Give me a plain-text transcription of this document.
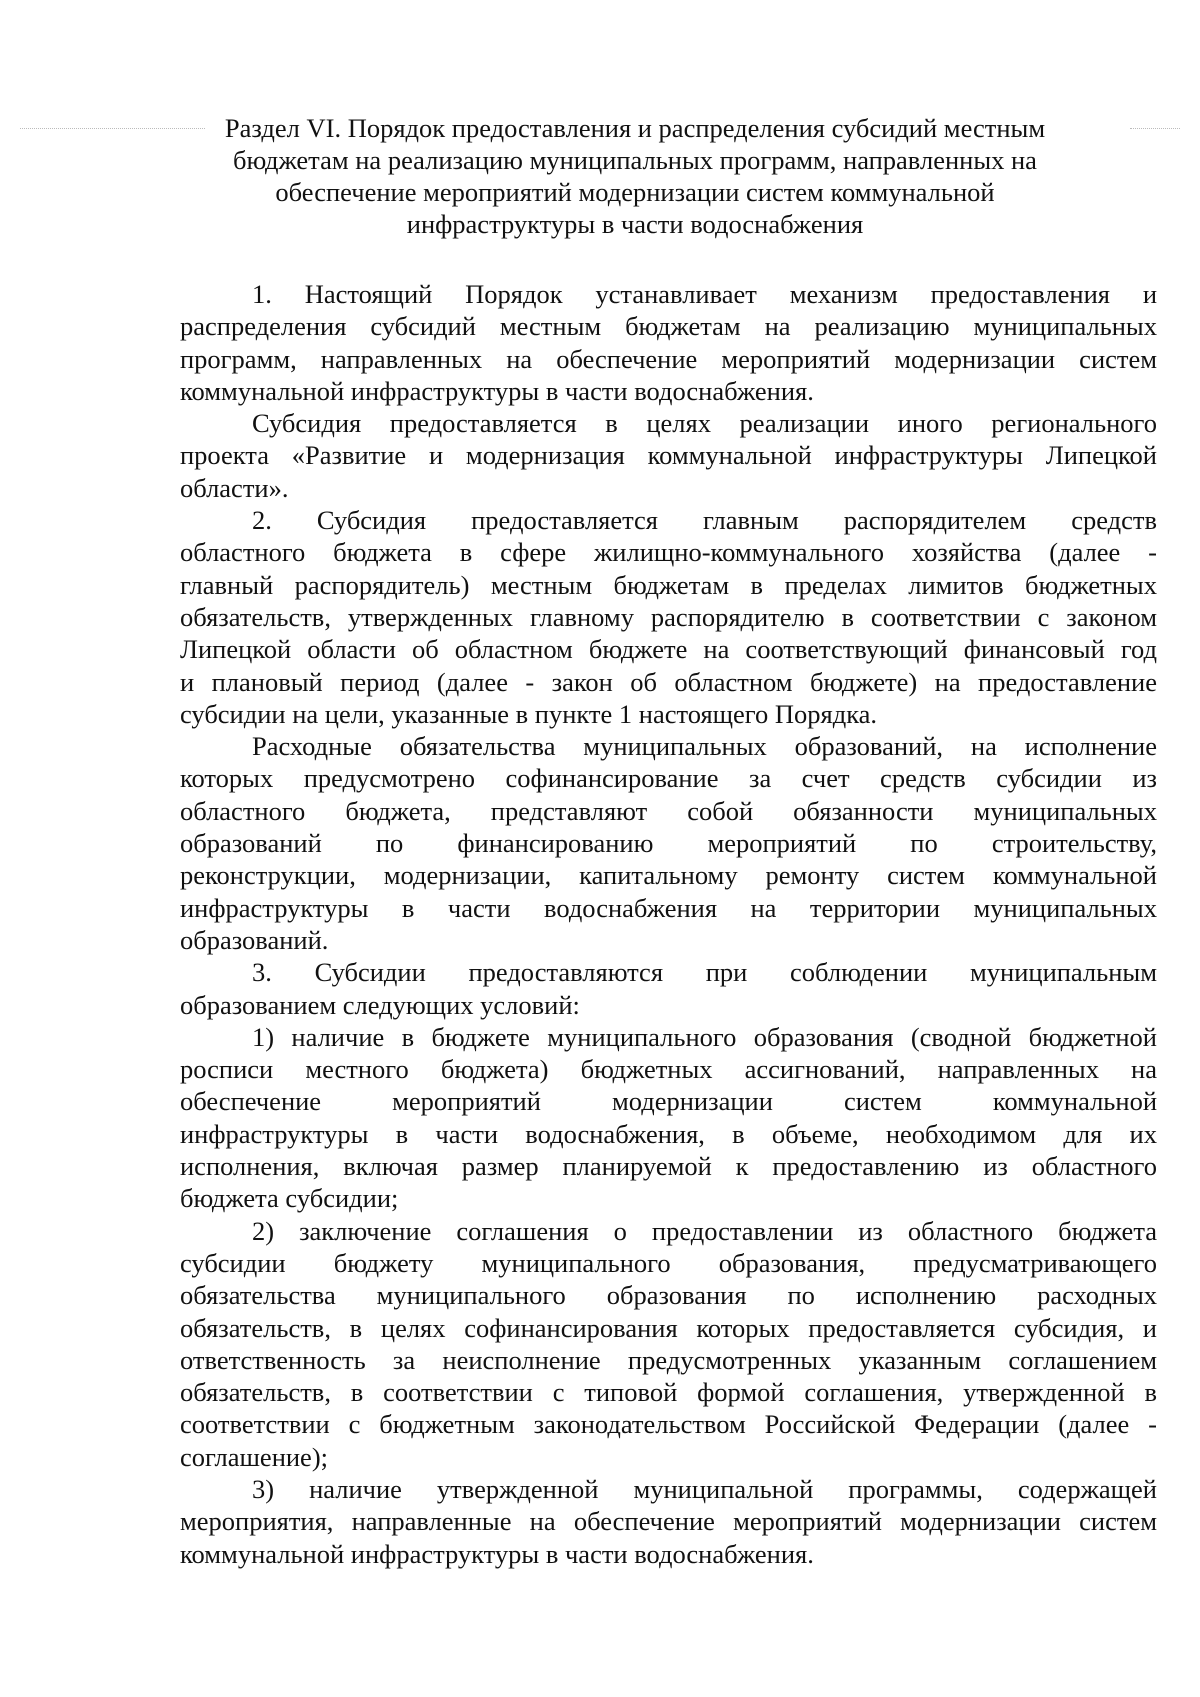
Раздел VI. Порядок предоставления и распределения субсидий местным
бюджетам на реализацию муниципальных программ, направленных на
обеспечение мероприятий модернизации систем коммунальной
инфраструктуры в части водоснабжения
1. Настоящий Порядок устанавливает механизм предоставления и
распределения субсидий местным бюджетам на реализацию муниципальных
программ, направленных на обеспечение мероприятий модернизации систем
коммунальной инфраструктуры в части водоснабжения.
Субсидия предоставляется в целях реализации иного регионального
проекта «Развитие и модернизация коммунальной инфраструктуры Липецкой
области».
2. Субсидия предоставляется главным распорядителем средств
областного бюджета в сфере жилищно-коммунального хозяйства (далее -
главный распорядитель) местным бюджетам в пределах лимитов бюджетных
обязательств, утвержденных главному распорядителю в соответствии с законом
Липецкой области об областном бюджете на соответствующий финансовый год
и плановый период (далее - закон об областном бюджете) на предоставление
субсидии на цели, указанные в пункте 1 настоящего Порядка.
Расходные обязательства муниципальных образований, на исполнение
которых предусмотрено софинансирование за счет средств субсидии из
областного бюджета, представляют собой обязанности муниципальных
образований по финансированию мероприятий по строительству,
реконструкции, модернизации, капитальному ремонту систем коммунальной
инфраструктуры в части водоснабжения на территории муниципальных
образований.
3. Субсидии предоставляются при соблюдении муниципальным
образованием следующих условий:
1) наличие в бюджете муниципального образования (сводной бюджетной
росписи местного бюджета) бюджетных ассигнований, направленных на
обеспечение мероприятий модернизации систем коммунальной
инфраструктуры в части водоснабжения, в объеме, необходимом для их
исполнения, включая размер планируемой к предоставлению из областного
бюджета субсидии;
2) заключение соглашения о предоставлении из областного бюджета
субсидии бюджету муниципального образования, предусматривающего
обязательства муниципального образования по исполнению расходных
обязательств, в целях софинансирования которых предоставляется субсидия, и
ответственность за неисполнение предусмотренных указанным соглашением
обязательств, в соответствии с типовой формой соглашения, утвержденной в
соответствии с бюджетным законодательством Российской Федерации (далее -
соглашение);
3) наличие утвержденной муниципальной программы, содержащей
мероприятия, направленные на обеспечение мероприятий модернизации систем
коммунальной инфраструктуры в части водоснабжения.
